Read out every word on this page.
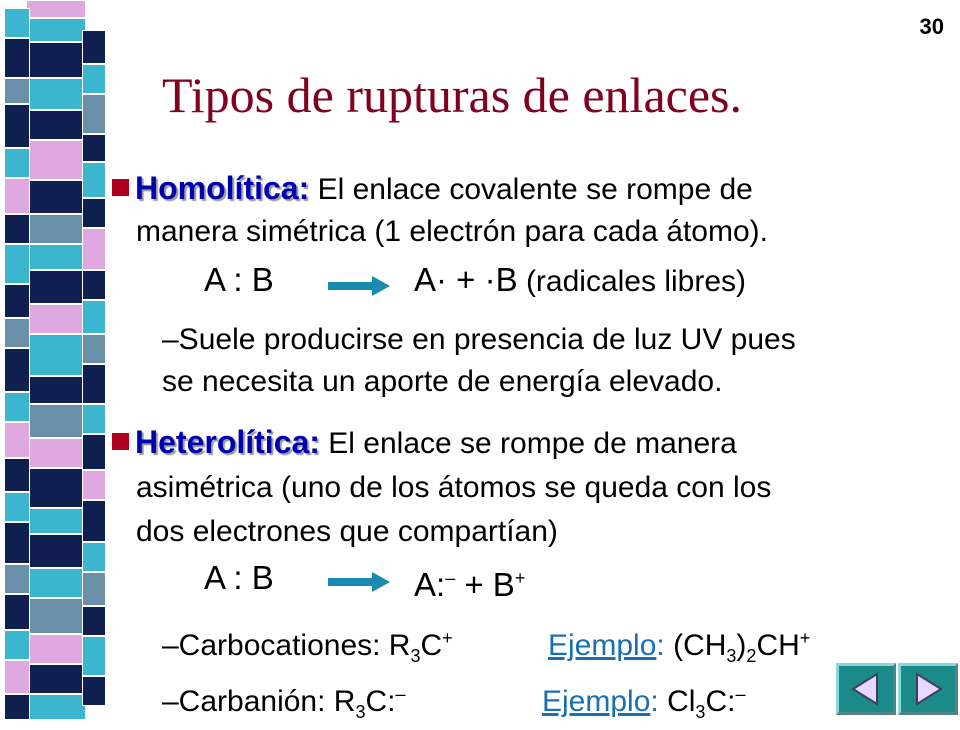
30
Tipos de rupturas de enlaces.
Homolítica: El enlace covalente se rompe de
manera simétrica (1 electrón para cada átomo).
A : B	A· + ·B (radicales libres)
–Suele producirse en presencia de luz UV pues
se necesita un aporte de energía elevado.
Heterolítica: El enlace se rompe de manera
asimétrica (uno de los átomos se queda con los
dos electrones que compartían)
A : B	A:– + B+
–Carbocationes: $R_3C^+$	Ejemplo: $(CH_3)_2CH^+$
–Carbanión: $R_3C:^-$	Ejemplo: $Cl_3C:^-$
